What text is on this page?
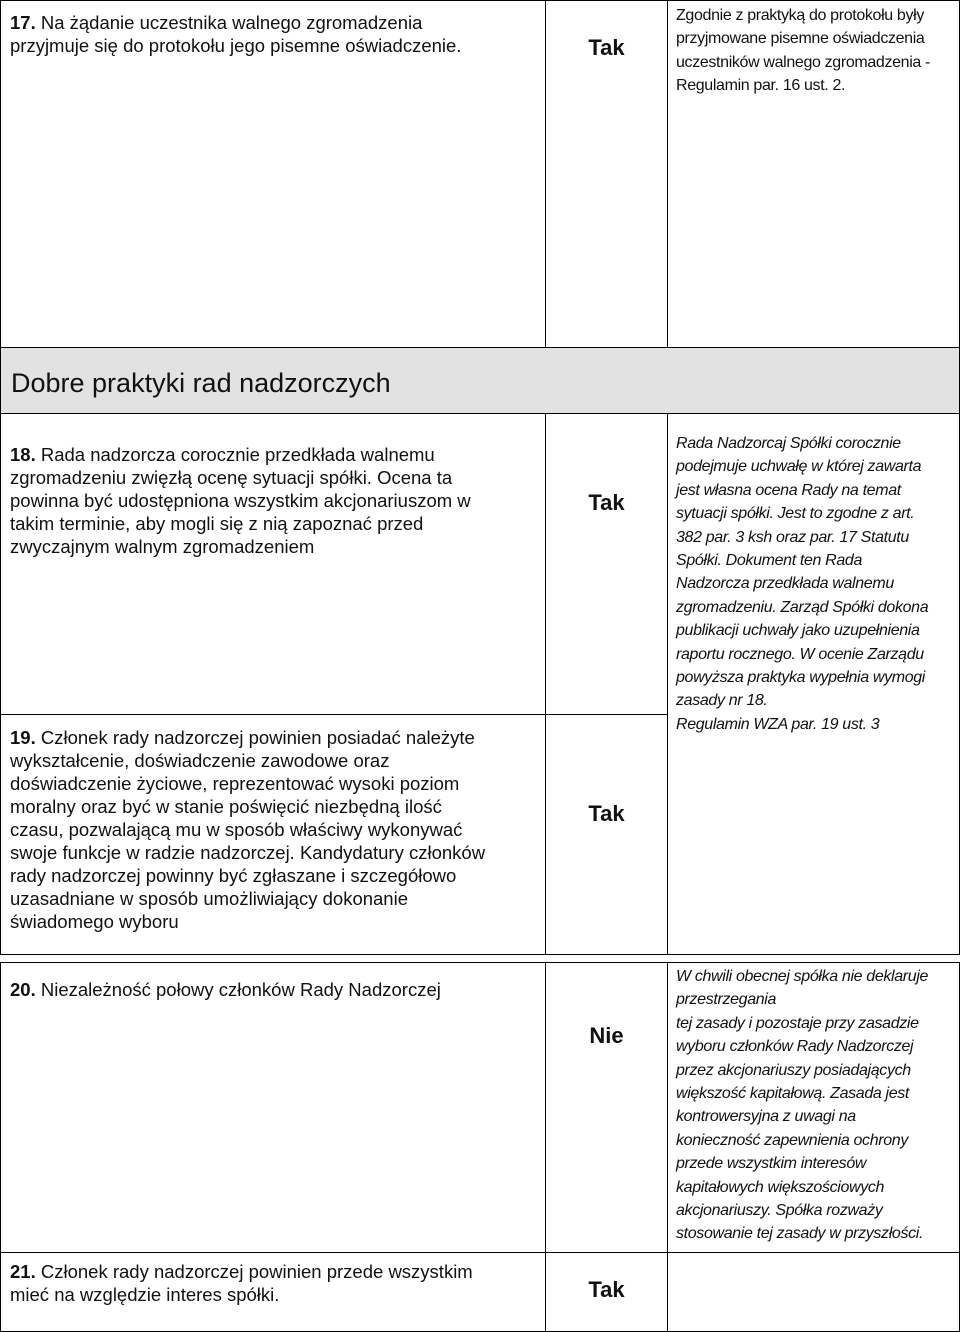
17. Na żądanie uczestnika walnego zgromadzenia
przyjmuje się do protokołu jego pisemne oświadczenie.	Tak
Zgodnie z praktyką do protokołu były
przyjmowane pisemne oświadczenia
uczestników walnego zgromadzenia -
Regulamin par. 16 ust. 2.
Dobre praktyki rad nadzorczych
18. Rada nadzorcza corocznie przedkłada walnemu
zgromadzeniu zwięzłą ocenę sytuacji spółki. Ocena ta
powinna być udostępniona wszystkim akcjonariuszom w
takim terminie, aby mogli się z nią zapoznać przed
zwyczajnym walnym zgromadzeniem
Tak
19. Członek rady nadzorczej powinien posiadać należyte
wykształcenie, doświadczenie zawodowe oraz
doświadczenie życiowe, reprezentować wysoki poziom
moralny oraz być w stanie poświęcić niezbędną ilość
czasu, pozwalającą mu w sposób właściwy wykonywać
swoje funkcje w radzie nadzorczej. Kandydatury członków
rady nadzorczej powinny być zgłaszane i szczegółowo
uzasadniane w sposób umożliwiający dokonanie
świadomego wyboru
Tak
Rada Nadzorcaj Spółki corocznie
podejmuje uchwałę w której zawarta
jest własna ocena Rady na temat
sytuacji spółki. Jest to zgodne z art.
382 par. 3 ksh oraz par. 17 Statutu
Spółki. Dokument ten Rada
Nadzorcza przedkłada walnemu
zgromadzeniu. Zarząd Spółki dokona
publikacji uchwały jako uzupełnienia
raportu rocznego. W ocenie Zarządu
powyższa praktyka wypełnia wymogi
zasady nr 18.
Regulamin WZA par. 19 ust. 3
20. Niezależność połowy członków Rady Nadzorczej
Nie
W chwili obecnej spółka nie deklaruje
przestrzegania
tej zasady i pozostaje przy zasadzie
wyboru członków Rady Nadzorczej
przez akcjonariuszy posiadających
większość kapitałową. Zasada jest
kontrowersyjna z uwagi na
konieczność zapewnienia ochrony
przede wszystkim interesów
kapitałowych większościowych
akcjonariuszy. Spółka rozważy
stosowanie tej zasady w przyszłości.
21. Członek rady nadzorczej powinien przede wszystkim
mieć na względzie interes spółki.	Tak
